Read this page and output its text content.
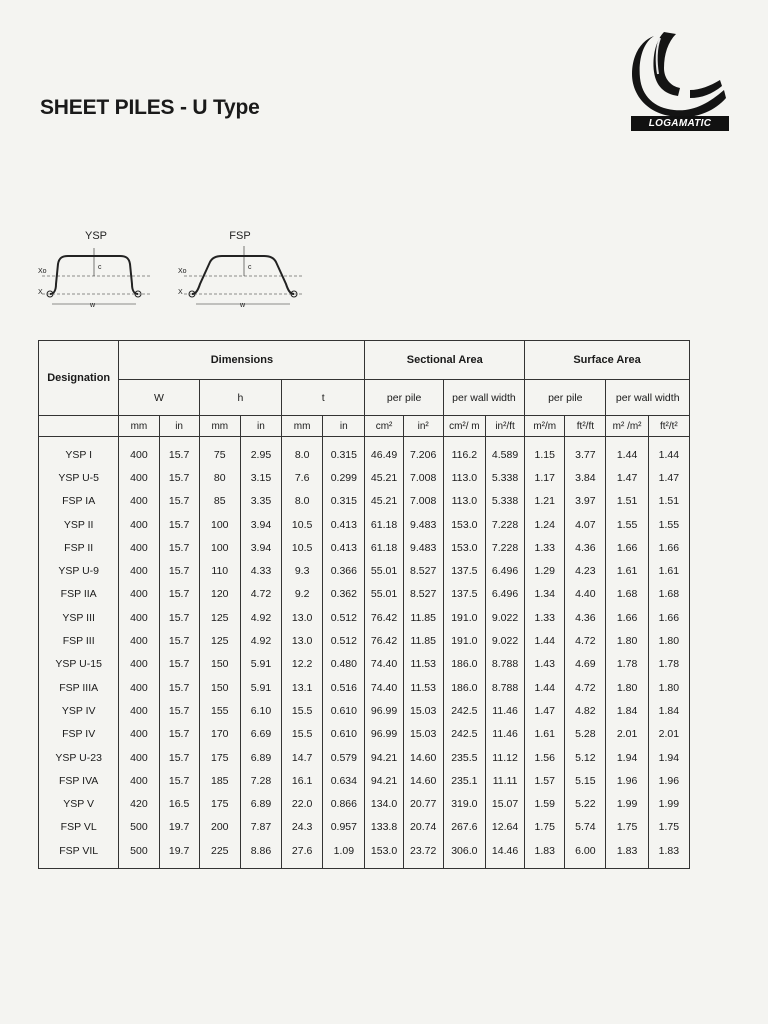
SHEET PILES - U Type
LOGAMATIC
YSP
Xo
X
c
w
FSP
Xo
X
c
w
Designation	Dimensions						Sectional Area				Surface Area			
	W		h		t		per pile		per wall width		per pile		per wall width	
	mm	in	mm	in	mm	in	cm²	in²	cm²/ m	in²/ft	m²/m	ft²/ft	m² /m²	ft²/t²
YSP I	400	15.7	75	2.95	8.0	0.315	46.49	7.206	116.2	4.589	1.15	3.77	1.44	1.44
YSP U-5	400	15.7	80	3.15	7.6	0.299	45.21	7.008	113.0	5.338	1.17	3.84	1.47	1.47
FSP IA	400	15.7	85	3.35	8.0	0.315	45.21	7.008	113.0	5.338	1.21	3.97	1.51	1.51
YSP II	400	15.7	100	3.94	10.5	0.413	61.18	9.483	153.0	7.228	1.24	4.07	1.55	1.55
FSP II	400	15.7	100	3.94	10.5	0.413	61.18	9.483	153.0	7.228	1.33	4.36	1.66	1.66
YSP U-9	400	15.7	110	4.33	9.3	0.366	55.01	8.527	137.5	6.496	1.29	4.23	1.61	1.61
FSP IIA	400	15.7	120	4.72	9.2	0.362	55.01	8.527	137.5	6.496	1.34	4.40	1.68	1.68
YSP III	400	15.7	125	4.92	13.0	0.512	76.42	11.85	191.0	9.022	1.33	4.36	1.66	1.66
FSP III	400	15.7	125	4.92	13.0	0.512	76.42	11.85	191.0	9.022	1.44	4.72	1.80	1.80
YSP U-15	400	15.7	150	5.91	12.2	0.480	74.40	11.53	186.0	8.788	1.43	4.69	1.78	1.78
FSP IIIA	400	15.7	150	5.91	13.1	0.516	74.40	11.53	186.0	8.788	1.44	4.72	1.80	1.80
YSP IV	400	15.7	155	6.10	15.5	0.610	96.99	15.03	242.5	11.46	1.47	4.82	1.84	1.84
FSP IV	400	15.7	170	6.69	15.5	0.610	96.99	15.03	242.5	11.46	1.61	5.28	2.01	2.01
YSP U-23	400	15.7	175	6.89	14.7	0.579	94.21	14.60	235.5	11.12	1.56	5.12	1.94	1.94
FSP IVA	400	15.7	185	7.28	16.1	0.634	94.21	14.60	235.1	11.11	1.57	5.15	1.96	1.96
YSP V	420	16.5	175	6.89	22.0	0.866	134.0	20.77	319.0	15.07	1.59	5.22	1.99	1.99
FSP VL	500	19.7	200	7.87	24.3	0.957	133.8	20.74	267.6	12.64	1.75	5.74	1.75	1.75
FSP VIL	500	19.7	225	8.86	27.6	1.09	153.0	23.72	306.0	14.46	1.83	6.00	1.83	1.83
